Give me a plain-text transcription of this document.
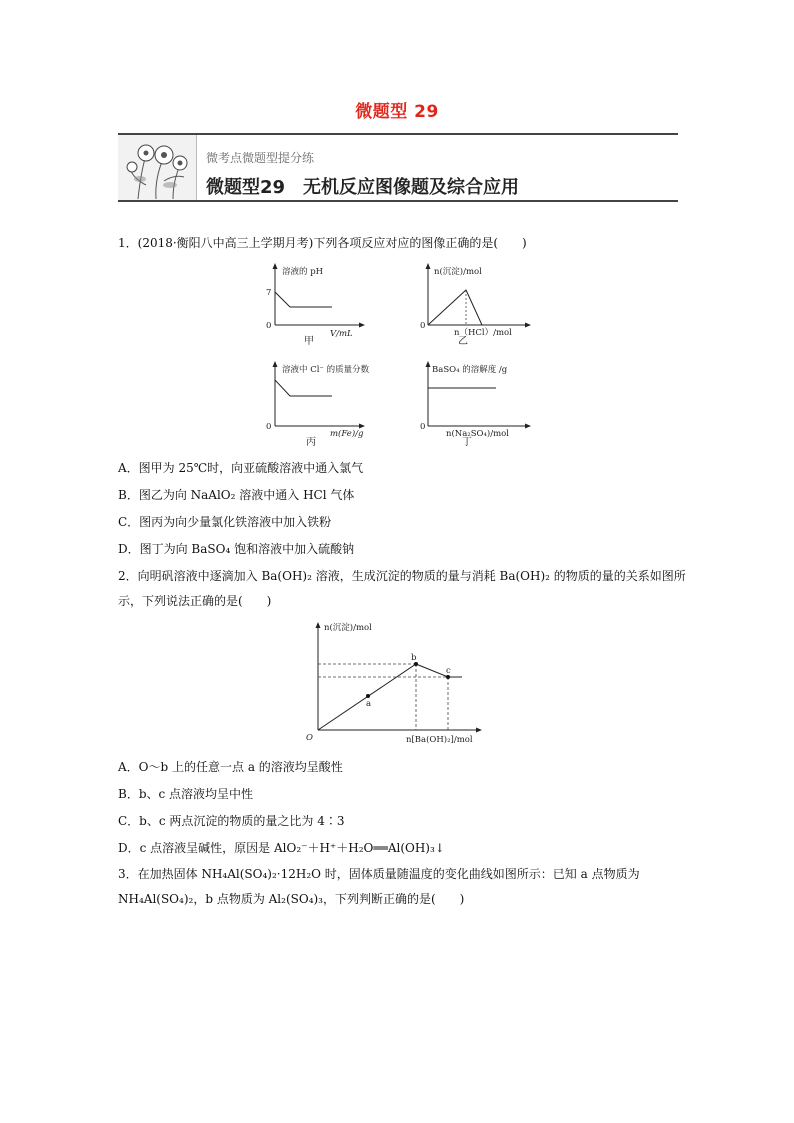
微题型 29
微考点微题型提分练
微题型29　无机反应图像题及综合应用
1．(2018·衡阳八中高三上学期月考)下列各项反应对应的图像正确的是(　　)
溶液的 pH
7
0
V/mL
甲
n(沉淀)/mol
0
n（HCl）/mol
乙
溶液中 Cl⁻ 的质量分数
0
m(Fe)/g
丙
BaSO₄ 的溶解度 /g
0
n(Na₂SO₄)/mol
丁
A．图甲为 25℃时，向亚硫酸溶液中通入氯气
B．图乙为向 NaAlO₂ 溶液中通入 HCl 气体
C．图丙为向少量氯化铁溶液中加入铁粉
D．图丁为向 BaSO₄ 饱和溶液中加入硫酸钠
2．向明矾溶液中逐滴加入 Ba(OH)₂ 溶液，生成沉淀的物质的量与消耗 Ba(OH)₂ 的物质的量的关系如图所示，下列说法正确的是(　　)
a
b
c
n(沉淀)/mol
O	n[Ba(OH)₂]/mol
A．O～b 上的任意一点 a 的溶液均呈酸性
B．b、c 点溶液均呈中性
C．b、c 两点沉淀的物质的量之比为 4∶3
D．c 点溶液呈碱性，原因是 AlO₂⁻＋H⁺＋H₂O══Al(OH)₃↓
3．在加热固体 NH₄Al(SO₄)₂·12H₂O 时，固体质量随温度的变化曲线如图所示：已知 a 点物质为 NH₄Al(SO₄)₂，b 点物质为 Al₂(SO₄)₃，下列判断正确的是(　　)
